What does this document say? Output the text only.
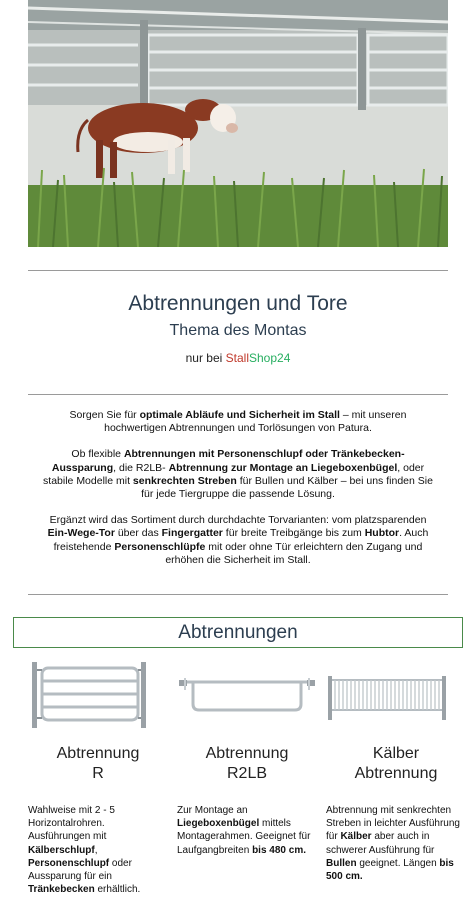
Abtrennungen und Tore
Thema des Montas
nur bei StallShop24

Sorgen Sie für optimale Abläufe und Sicherheit im Stall – mit unseren hochwertigen Abtrennungen und Torlösungen von Patura.

Ob flexible Abtrennungen mit Personenschlupf oder Tränkebecken-Aussparung, die R2LB- Abtrennung zur Montage an Liegeboxenbügel, oder stabile Modelle mit senkrechten Streben für Bullen und Kälber – bei uns finden Sie für jede Tiergruppe die passende Lösung.

Ergänzt wird das Sortiment durch durchdachte Torvarianten: vom platzsparenden Ein-Wege-Tor über das Fingergatter für breite Treibgänge bis zum Hubtor. Auch freistehende Personenschlüpfe mit oder ohne Tür erleichtern den Zugang und erhöhen die Sicherheit im Stall.

Abtrennungen
Abtrennung
R
Wahlweise mit 2 - 5 Horizontalrohren. Ausführungen mit Kälberschlupf, Personenschlupf oder Aussparung für ein Tränkebecken erhältlich.
Abtrennung
R2LB
Zur Montage an Liegeboxenbügel mittels Montagerahmen. Geeignet für Laufgangbreiten bis 480 cm.
Kälber
Abtrennung
Abtrennung mit senkrechten Streben in leichter Ausführung für Kälber aber auch in schwerer Ausführung für Bullen geeignet. Längen bis 500 cm.
